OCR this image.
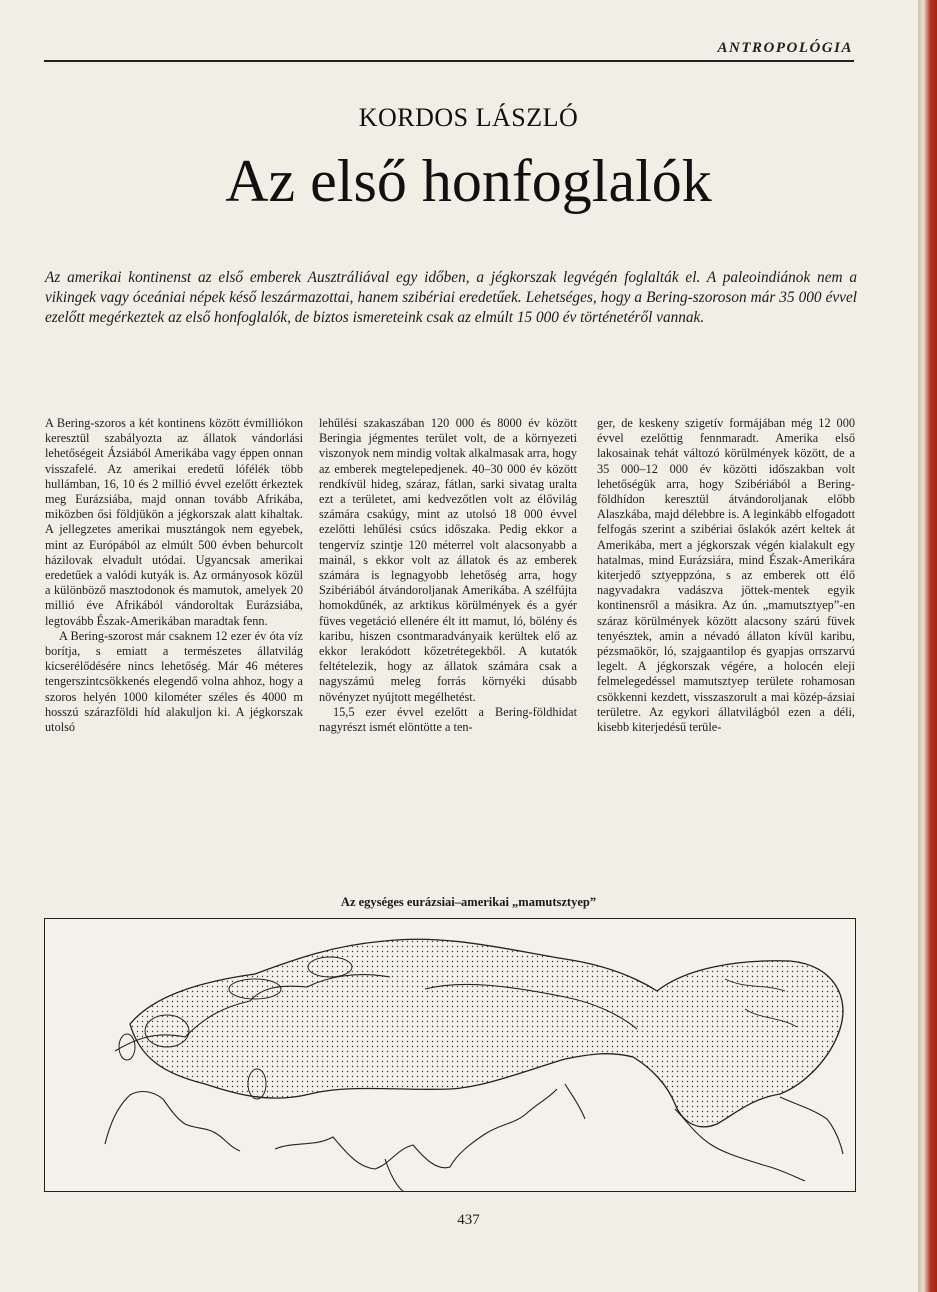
ANTROPOLÓGIA
KORDOS LÁSZLÓ
Az első honfoglalók
Az amerikai kontinenst az első emberek Ausztráliával egy időben, a jégkorszak legvégén foglalták el. A paleoindiánok nem a vikingek vagy óceániai népek késő leszármazottai, hanem szibériai eredetűek. Lehetséges, hogy a Bering-szoroson már 35 000 évvel ezelőtt megérkeztek az első honfoglalók, de biztos ismereteink csak az elmúlt 15 000 év történetéről vannak.

A Bering-szoros a két kontinens között évmilliókon keresztül szabályozta az állatok vándorlási lehetőségeit Ázsiából Amerikába vagy éppen onnan visszafelé. Az amerikai eredetű lófélék több hullámban, 16, 10 és 2 millió évvel ezelőtt érkeztek meg Eurázsiába, majd onnan tovább Afrikába, miközben ősi földjükön a jégkorszak alatt kihaltak. A jellegzetes amerikai musztángok nem egyebek, mint az Európából az elmúlt 500 évben behurcolt házilovak elvadult utódai. Ugyancsak amerikai eredetűek a valódi kutyák is. Az ormányosok közül a különböző masztodonok és mamutok, amelyek 20 millió éve Afrikából vándoroltak Eurázsiába, legtovább Észak-Amerikában maradtak fenn.

A Bering-szorost már csaknem 12 ezer év óta víz borítja, s emiatt a természetes állatvilág kicserélődésére nincs lehetőség. Már 46 méteres tengerszintcsökkenés elegendő volna ahhoz, hogy a szoros helyén 1000 kilométer széles és 4000 m hosszú szárazföldi híd alakuljon ki. A jégkorszak utolsó

lehűlési szakaszában 120 000 és 8000 év között Beringia jégmentes terület volt, de a környezeti viszonyok nem mindig voltak alkalmasak arra, hogy az emberek megtelepedjenek. 40–30 000 év között rendkívül hideg, száraz, fátlan, sarki sivatag uralta ezt a területet, ami kedvezőtlen volt az élővilág számára csakúgy, mint az utolsó 18 000 évvel ezelőtti lehűlési csúcs időszaka. Pedig ekkor a tengervíz szintje 120 méterrel volt alacsonyabb a mainál, s ekkor volt az állatok és az emberek számára is legnagyobb lehetőség arra, hogy Szibériából átvándoroljanak Amerikába. A szélfújta homokdűnék, az arktikus körülmények és a gyér füves vegetáció ellenére élt itt mamut, ló, bölény és karibu, hiszen csontmaradványaik kerültek elő az ekkor lerakódott kőzetrétegekből. A kutatók feltételezik, hogy az állatok számára csak a nagyszámú meleg forrás környéki dúsabb növényzet nyújtott megélhetést.

15,5 ezer évvel ezelőtt a Bering-földhidat nagyrészt ismét elöntötte a ten-

ger, de keskeny szigetív formájában még 12 000 évvel ezelőttig fennmaradt. Amerika első lakosainak tehát változó körülmények között, de a 35 000–12 000 év közötti időszakban volt lehetőségük arra, hogy Szibériából a Bering-földhídon keresztül átvándoroljanak előbb Alaszkába, majd délebbre is. A leginkább elfogadott felfogás szerint a szibériai őslakók azért keltek át Amerikába, mert a jégkorszak végén kialakult egy hatalmas, mind Eurázsiára, mind Észak-Amerikára kiterjedő sztyeppzóna, s az emberek ott élő nagyvadakra vadászva jöttek-mentek egyik kontinensről a másikra. Az ún. „mamutsztyep”-en száraz körülmények között alacsony szárú füvek tenyésztek, amin a névadó állaton kívül karibu, pézsmaökör, ló, szajgaantilop és gyapjas orrszarvú legelt. A jégkorszak végére, a holocén eleji felmelegedéssel mamutsztyep területe rohamosan csökkenni kezdett, visszaszorult a mai közép-ázsiai területre. Az egykori állatvilágból ezen a déli, kisebb kiterjedésű terüle-

Az egységes eurázsiai–amerikai „mamutsztyep”
437
